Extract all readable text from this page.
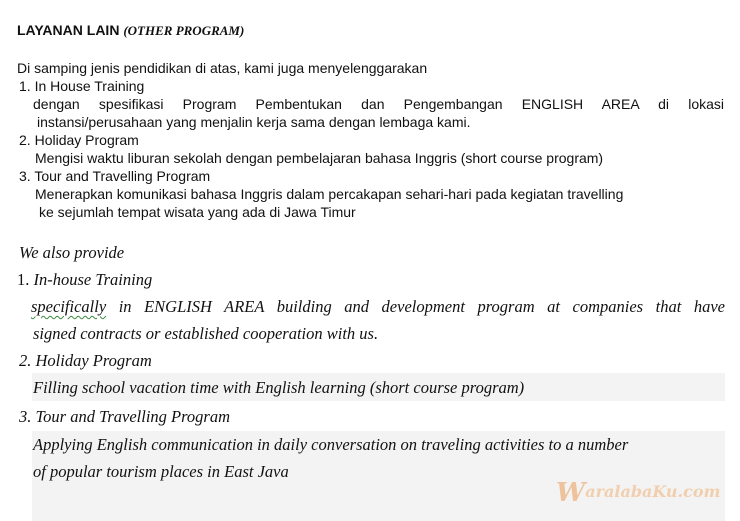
LAYANAN LAIN (OTHER PROGRAM)
Di samping jenis pendidikan di atas, kami juga menyelenggarakan
1. In House Training
dengan spesifikasi Program Pembentukan dan Pengembangan ENGLISH AREA di lokasi
instansi/perusahaan yang menjalin kerja sama dengan lembaga kami.
2. Holiday Program
Mengisi waktu liburan sekolah dengan pembelajaran bahasa Inggris (short course program)
3. Tour and Travelling Program
Menerapkan komunikasi bahasa Inggris dalam percakapan sehari-hari pada kegiatan travelling
ke sejumlah tempat wisata yang ada di Jawa Timur
We also provide
1. In-house Training
specifically in ENGLISH AREA building and development program at companies that have
signed contracts or established cooperation with us.
2. Holiday Program
Filling school vacation time with English learning (short course program)
3. Tour and Travelling Program
Applying English communication in daily conversation on traveling activities to a number
of popular tourism places in East Java
WaralabaKu.com
